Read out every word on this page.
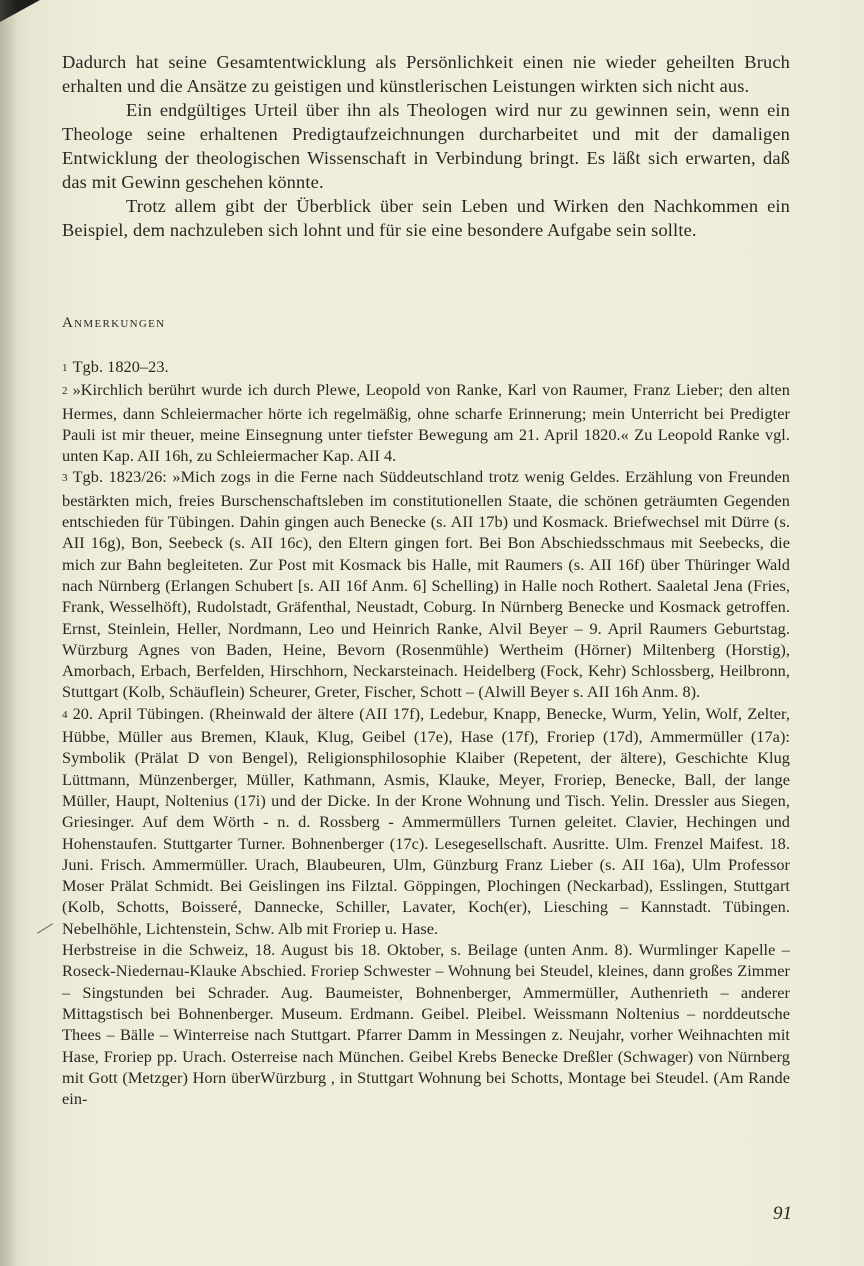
Dadurch hat seine Gesamtentwicklung als Persönlichkeit einen nie wieder geheilten Bruch erhalten und die Ansätze zu geistigen und künstlerischen Leistungen wirkten sich nicht aus.

Ein endgültiges Urteil über ihn als Theologen wird nur zu gewinnen sein, wenn ein Theologe seine erhaltenen Predigtaufzeichnungen durcharbeitet und mit der damaligen Entwicklung der theologischen Wissenschaft in Verbindung bringt. Es läßt sich erwarten, daß das mit Gewinn geschehen könnte.

Trotz allem gibt der Überblick über sein Leben und Wirken den Nachkommen ein Beispiel, dem nachzuleben sich lohnt und für sie eine besondere Aufgabe sein sollte.

Anmerkungen

1 Tgb. 1820–23.

2 »Kirchlich berührt wurde ich durch Plewe, Leopold von Ranke, Karl von Raumer, Franz Lieber; den alten Hermes, dann Schleiermacher hörte ich regelmäßig, ohne scharfe Erinnerung; mein Unterricht bei Predigter Pauli ist mir theuer, meine Einsegnung unter tiefster Bewegung am 21. April 1820.« Zu Leopold Ranke vgl. unten Kap. AII 16h, zu Schleiermacher Kap. AII 4.

3 Tgb. 1823/26: »Mich zogs in die Ferne nach Süddeutschland trotz wenig Geldes. Erzählung von Freunden bestärkten mich, freies Burschenschaftsleben im constitutionellen Staate, die schönen geträumten Gegenden entschieden für Tübingen. Dahin gingen auch Benecke (s. AII 17b) und Kosmack. Briefwechsel mit Dürre (s. AII 16g), Bon, Seebeck (s. AII 16c), den Eltern gingen fort. Bei Bon Abschiedsschmaus mit Seebecks, die mich zur Bahn begleiteten. Zur Post mit Kosmack bis Halle, mit Raumers (s. AII 16f) über Thüringer Wald nach Nürnberg (Erlangen Schubert [s. AII 16f Anm. 6] Schelling) in Halle noch Rothert. Saaletal Jena (Fries, Frank, Wesselhöft), Rudolstadt, Gräfenthal, Neustadt, Coburg. In Nürnberg Benecke und Kosmack getroffen. Ernst, Steinlein, Heller, Nordmann, Leo und Heinrich Ranke, Alvil Beyer – 9. April Raumers Geburtstag. Würzburg Agnes von Baden, Heine, Bevorn (Rosenmühle) Wertheim (Hörner) Miltenberg (Horstig), Amorbach, Erbach, Berfelden, Hirschhorn, Neckarsteinach. Heidelberg (Fock, Kehr) Schlossberg, Heilbronn, Stuttgart (Kolb, Schäuflein) Scheurer, Greter, Fischer, Schott – (Alwill Beyer s. AII 16h Anm. 8).

4 20. April Tübingen. (Rheinwald der ältere (AII 17f), Ledebur, Knapp, Benecke, Wurm, Yelin, Wolf, Zelter, Hübbe, Müller aus Bremen, Klauk, Klug, Geibel (17e), Hase (17f), Froriep (17d), Ammermüller (17a): Symbolik (Prälat D von Bengel), Religionsphilosophie Klaiber (Repetent, der ältere), Geschichte Klug Lüttmann, Münzenberger, Müller, Kathmann, Asmis, Klauke, Meyer, Froriep, Benecke, Ball, der lange Müller, Haupt, Noltenius (17i) und der Dicke. In der Krone Wohnung und Tisch. Yelin. Dressler aus Siegen, Griesinger. Auf dem Wörth - n. d. Rossberg - Ammermüllers Turnen geleitet. Clavier, Hechingen und Hohenstaufen. Stuttgarter Turner. Bohnenberger (17c). Lesegesellschaft. Ausritte. Ulm. Frenzel Maifest. 18. Juni. Frisch. Ammermüller. Urach, Blaubeuren, Ulm, Günzburg Franz Lieber (s. AII 16a), Ulm Professor Moser Prälat Schmidt. Bei Geislingen ins Filztal. Göppingen, Plochingen (Neckarbad), Esslingen, Stuttgart (Kolb, Schotts, Boisseré, Dannecke, Schiller, Lavater, Koch(er), Liesching – Kannstadt. Tübingen. Nebelhöhle, Lichtenstein, Schw. Alb mit Froriep u. Hase.

Herbstreise in die Schweiz, 18. August bis 18. Oktober, s. Beilage (unten Anm. 8). Wurmlinger Kapelle – Roseck-Niedernau-Klauke Abschied. Froriep Schwester – Wohnung bei Steudel, kleines, dann großes Zimmer – Singstunden bei Schrader. Aug. Baumeister, Bohnenberger, Ammermüller, Authenrieth – anderer Mittagstisch bei Bohnenberger. Museum. Erdmann. Geibel. Pleibel. Weissmann Noltenius – norddeutsche Thees – Bälle – Winterreise nach Stuttgart. Pfarrer Damm in Messingen z. Neujahr, vorher Weihnachten mit Hase, Froriep pp. Urach. Osterreise nach München. Geibel Krebs Benecke Dreßler (Schwager) von Nürnberg mit Gott (Metzger) Horn überWürzburg , in Stuttgart Wohnung bei Schotts, Montage bei Steudel. (Am Rande ein-

91
